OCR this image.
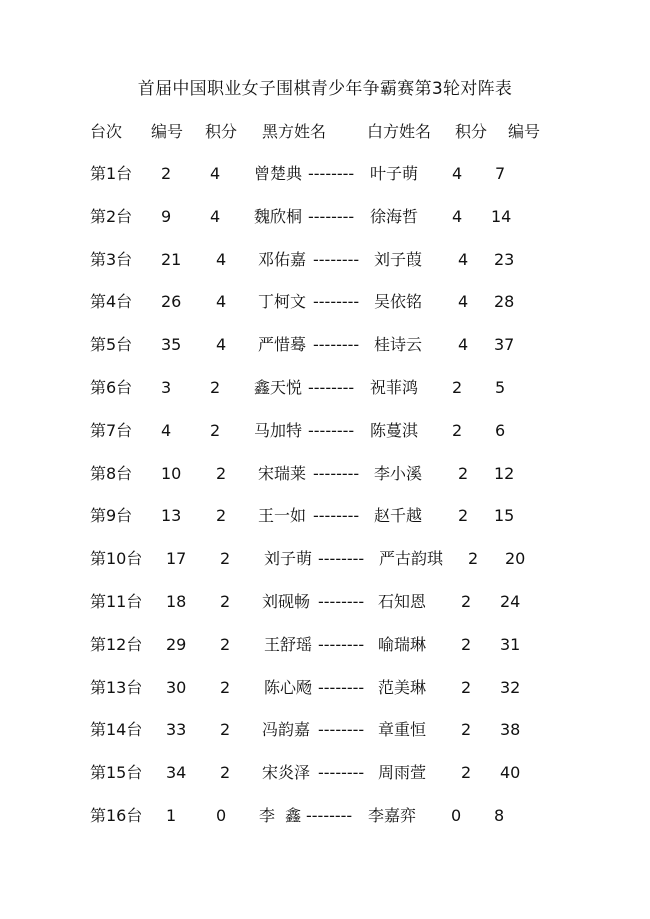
首届中国职业女子围棋青少年争霸赛第3轮对阵表
台次 编号 积分 黑方姓名	白方姓名 积分 编号
第1台 2 4 曾楚典 -------- 叶子萌 4 7
第2台 9 4 魏欣桐 -------- 徐海哲 4 14
第3台 21 4 邓佑嘉 -------- 刘子葭 4 23
第4台 26 4 丁柯文 -------- 吴依铭 4 28
第5台 35 4 严惜蓦 -------- 桂诗云 4 37
第6台 3 2 鑫天悦 -------- 祝菲鸿 2 5
第7台 4 2 马加特 -------- 陈蔓淇 2 6
第8台 10 2 宋瑞莱 -------- 李小溪 2 12
第9台 13 2 王一如 -------- 赵千越 2 15
第10台 17 2 刘子萌 -------- 严古韵琪 2 20
第11台 18 2 刘砚畅 -------- 石知恩 2 24
第12台 29 2 王舒瑶 -------- 喻瑞琳 2 31
第13台 30 2 陈心飏 -------- 范美琳 2 32
第14台 33 2 冯韵嘉 -------- 章重恒 2 38
第15台 34 2 宋炎泽 -------- 周雨萱 2 40
第16台 1 0 李  鑫 -------- 李嘉弈 0 8
